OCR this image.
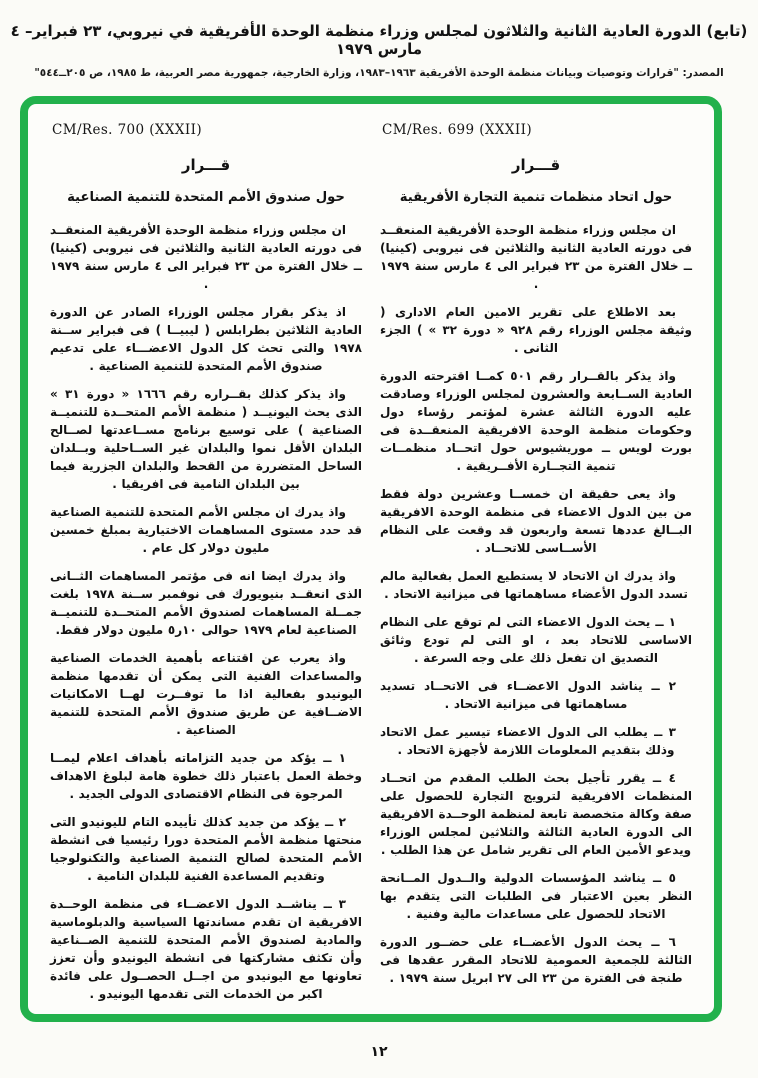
(تابع) الدورة العادية الثانية والثلاثون لمجلس وزراء منظمة الوحدة الأفريقية في نيروبي، ٢٣ فبراير– ٤ مارس ١٩٧٩
المصدر: "قرارات وتوصيات وبيانات منظمة الوحدة الأفريقية ١٩٦٣–١٩٨٣، وزارة الخارجية، جمهورية مصر العربية، ط ١٩٨٥، ص ٢٠٥ــ٥٤٤"
CM/Res. 699 (XXXII)
قـــرار
حول اتحاد منظمات تنمية التجارة الأفريقية

ان مجلس وزراء منظمة الوحدة الأفريقية المنعقــد فى دورته العادية الثانية والثلاثين فى نيروبى (كينيا) ــ خلال الفترة من ٢٣ فبراير الى ٤ مارس سنة ١٩٧٩ .

بعد الاطلاع على تقرير الامين العام الادارى ( وثيقة مجلس الوزراء رقم ٩٢٨ « دورة ٣٢ » ) الجزء الثانى .

واذ يذكر بالقــرار رقم ٥٠١ كمــا اقترحته الدورة العادية الســابعة والعشرون لمجلس الوزراء وصادقت عليه الدورة الثالثة عشرة لمؤتمر رؤساء دول وحكومات منظمة الوحدة الافريقية المنعقــدة فى بورت لويس ــ موريشيوس حول اتحــاد منظمــات تنمية التجــارة الأفــريقية .

واذ يعى حقيقة ان خمســا وعشرين دولة فقط من بين الدول الاعضاء فى منظمة الوحدة الافريقية البــالغ عددها تسعة واربعون قد وقعت على النظام الأســاسى للاتحــاد .

واذ يدرك ان الاتحاد لا يستطيع العمل بفعالية مالم تسدد الدول الأعضاء مساهماتها فى ميزانية الاتحاد .

١ ــ يحث الدول الاعضاء التى لم توقع على النظام الاساسى للاتحاد بعد ، او التى لم تودع وثائق التصديق ان تفعل ذلك على وجه السرعة .

٢ ــ يناشد الدول الاعضــاء فى الاتحــاد تسديد مساهماتها فى ميزانية الاتحاد .

٣ ــ يطلب الى الدول الاعضاء تيسير عمل الاتحاد وذلك بتقديم المعلومات اللازمة لأجهزة الاتحاد .

٤ ــ يقرر تأجيل بحث الطلب المقدم من اتحــاد المنظمات الافريقية لترويج التجارة للحصول على صفة وكالة متخصصة تابعة لمنظمة الوحــدة الافريقية الى الدورة العادية الثالثة والثلاثين لمجلس الوزراء ويدعو الأمين العام الى تقرير شامل عن هذا الطلب .

٥ ــ يناشد المؤسسات الدولية والــدول المــانحة النظر بعين الاعتبار فى الطلبات التى يتقدم بها الاتحاد للحصول على مساعدات مالية وفنية .

٦ ــ يحث الدول الأعضــاء على حضــور الدورة الثالثة للجمعية العمومية للاتحاد المقرر عقدها فى طنجة فى الفترة من ٢٣ الى ٢٧ ابريل سنة ١٩٧٩ .

CM/Res. 700 (XXXII)
قـــرار
حول صندوق الأمم المتحدة للتنمية الصناعية

ان مجلس وزراء منظمة الوحدة الأفريقية المنعقــد فى دورته العادية الثانية والثلاثين فى نيروبى (كينيا) ــ خلال الفترة من ٢٣ فبراير الى ٤ مارس سنة ١٩٧٩ .

اذ يذكر بقرار مجلس الوزراء الصادر عن الدورة العادية الثلاثين بطرابلس ( ليبيــا ) فى فبراير ســنة ١٩٧٨ والتى تحث كل الدول الاعضـــاء على تدعيم صندوق الأمم المتحدة للتنمية الصناعية .

واذ يذكر كذلك بقــراره رقم ١٦٦٦ « دورة ٣١ » الذى يحث اليونيــد ( منظمة الأمم المتحــدة للتنميــة الصناعية ) على توسيع برنامج مســاعدتها لصــالح البلدان الأقل نموا والبلدان غير الســاحلية وبــلدان الساحل المتضررة من القحط والبلدان الجزرية فيما بين البلدان النامية فى افريقيا .

واذ يدرك ان مجلس الأمم المتحدة للتنمية الصناعية قد حدد مستوى المساهمات الاختيارية بمبلغ خمسين مليون دولار كل عام .

واذ يدرك ايضا انه فى مؤتمر المساهمات الثــانى الذى انعقــد بنيويورك فى نوفمبر ســنة ١٩٧٨ بلغت جمــلة المساهمات لصندوق الأمم المتحــدة للتنميــة الصناعية لعام ١٩٧٩ حوالى ١٠ر٥ مليون دولار فقط.

واذ يعرب عن اقتناعه بأهمية الخدمات الصناعية والمساعدات الفنية التى يمكن أن تقدمها منظمة اليونيدو بفعالية اذا ما توفــرت لهــا الامكانيات الاضــافية عن طريق صندوق الأمم المتحدة للتنمية الصناعية .

١ ــ يؤكد من جديد التزاماته بأهداف اعلام ليمــا وخطة العمل باعتبار ذلك خطوة هامة لبلوغ الاهداف المرجوة فى النظام الاقتصادى الدولى الجديد .

٢ ــ يؤكد من جديد كذلك تأييده التام لليونيدو التى منحتها منظمة الأمم المتحدة دورا رئيسيا فى انشطة الأمم المتحدة لصالح التنمية الصناعية والتكنولوجيا وتقديم المساعدة الفنية للبلدان النامية .

٣ ــ يناشــد الدول الاعضــاء فى منظمة الوحــدة الافريقية ان تقدم مساندتها السياسية والدبلوماسية والمادية لصندوق الأمم المتحدة للتنمية الصــناعية وأن تكثف مشاركتها فى انشطة اليونيدو وأن تعزز تعاونها مع اليونيدو من اجــل الحصــول على فائدة اكبر من الخدمات التى تقدمها اليونيدو .

١٢
